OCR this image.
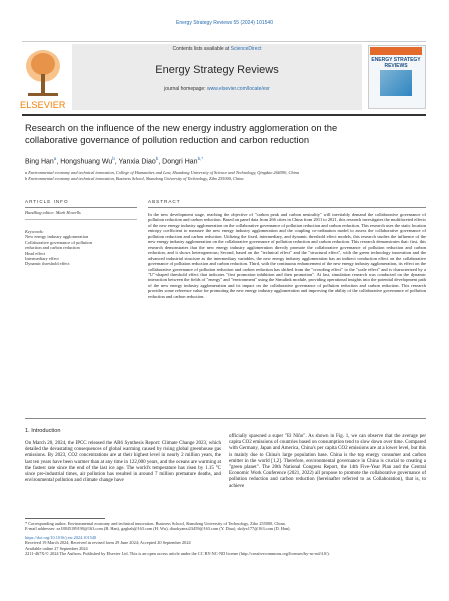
Energy Strategy Reviews 55 (2024) 101540
ELSEVIER
Contents lists available at ScienceDirect
Energy Strategy Reviews
journal homepage: www.elsevier.com/locate/esr
ENERGY STRATEGY REVIEWS
Research on the influence of the new energy industry agglomeration on the
collaborative governance of pollution reduction and carbon reduction
Bing Han$^a$, Hongshuang Wu$^b$, Yanxia Diao$^b$, Dongri Han$^{b,*}$
a Environmental economy and technical innovation, College of Humanities and Law, Shandong University of Science and Technology, Qingdao 266590, China
b Environmental economy and technical innovation, Business School, Shandong University of Technology, Zibo 255000, China
ARTICLE INFO	ABSTRACT
Handling editor: Mark Howells
Keywords:
New energy industry agglomeration
Collaborative governance of pollution
reduction and carbon reduction
Head effect
Intermediary effect
Dynamic threshold effect
In the new development stage, reaching the objective of "carbon peak and carbon neutrality" will inevitably demand the collaborative governance of pollution reduction and carbon reduction. Based on panel data from 266 cities in China from 2011 to 2021, this research investigates the multifaceted effects of the new energy industry agglomeration on the collaborative governance of pollution reduction and carbon reduction. This research uses the static location entropy coefficient to measure the new energy industry agglomeration and the coupling co-ordination model to assess the collaborative governance of pollution reduction and carbon reduction. Utilizing the fixed, intermediary, and dynamic threshold effect models, this research studies the influence of the new energy industry agglomeration on the collaborative governance of pollution reduction and carbon reduction. This research demonstrates that: first, this research demonstrates that the new energy industry agglomeration directly promote the collaborative governance of pollution reduction and carbon reduction, and it shows heterogeneous; Second, based on the "technical effect" and the "structural effect", with the green technology innovation and the advanced industrial structure as the intermediary variables, the new energy industry agglomeration has an indirect conduction effect on the collaborative governance of pollution reduction and carbon reduction. Third, with the continuous enhancement of the new energy industry agglomeration, its effect on the collaborative governance of pollution reduction and carbon reduction has shifted from the "crowding effect" to the "scale effect" and is characterized by a "U"-shaped threshold effect that indicates "first promotion inhibition and then promotion". At last, simulation research was conducted on the dynamic interaction between the fields of "energy" and "environment" using the Simulink module, providing operational insights into the potential development path of the new energy industry agglomeration and its impact on the collaborative governance of pollution reduction and carbon reduction. This research provides some reference value for promoting the new energy industry agglomeration and improving the ability of the collaborative governance of pollution reduction and carbon reduction.
1. Introduction
On March 20, 2024, the IPCC released the AR6 Synthesis Report: Climate Change 2023, which detailed the devastating consequences of global warming caused by rising global greenhouse gas emissions. By 2023, CO2 concentrations are at their highest level in nearly 2 million years, the last ten years have been warmer than at any time in 122,000 years, and the oceans are warming at the fastest rate since the end of the last ice age. The world's temperature has risen by 1.15 °C since pre-industrial times, air pollution has resulted in around 7 million premature deaths, and environmental pollution and climate change have
officially spawned a super "El Niño". As shown in Fig. 1, we can observe that the average per capita CO2 emissions of countries based on consumption tend to slow down over time. Compared with Germany, Japan and America, China's per capita CO2 emissions are at a lower level, but this is mainly due to China's large population base. China is the top energy consumer and carbon emitter in the world [1,2]. Therefore, environmental governance in China is crucial to creating a "green planet". The 20th National Congress Report, the 14th Five-Year Plan and the Central Economic Work Conference (2021, 2022) all propose to promote the collaborative governance of pollution reduction and carbon reduction (hereinafter referred to as Collaboration), that is, to achieve
* Corresponding author. Environmental economy and technical innovation, Business School, Shandong University of Technology, Zibo 255000, China.
E-mail addresses: zz18845189190@163.com (B. Han), gzgbzh@163.com (H. Wu), diaokyanxi23459@163.com (Y. Diao), skdyx177@163.com (D. Han).
https://doi.org/10.1016/j.esr.2024.101540
Received 19 March 2024; Received in revised form 29 June 2024; Accepted 20 September 2024
Available online 27 September 2024
2211-467X/© 2024 The Authors. Published by Elsevier Ltd. This is an open access article under the CC BY-NC-ND license (http://creativecommons.org/licenses/by-nc-nd/4.0/).
